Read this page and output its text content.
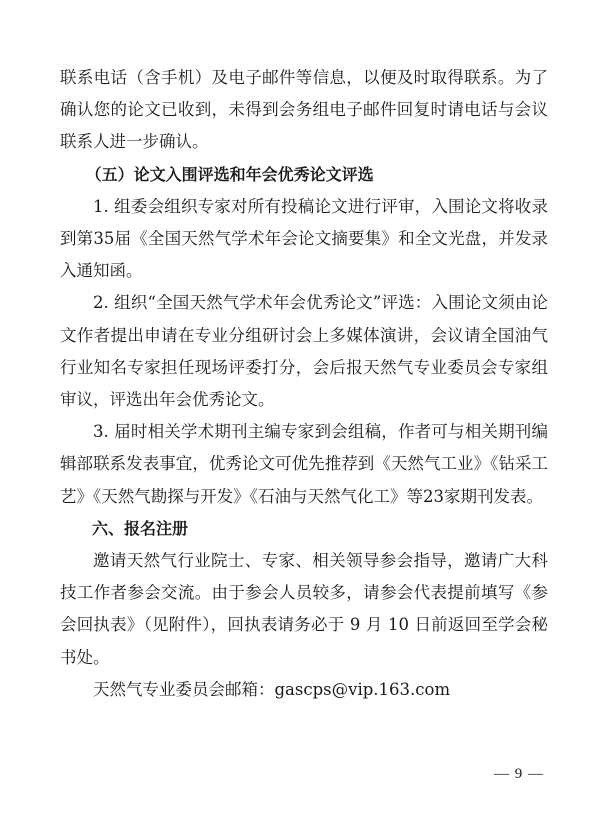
联系电话（含手机）及电子邮件等信息，以便及时取得联系。为了确认您的论文已收到，未得到会务组电子邮件回复时请电话与会议联系人进一步确认。

（五）论文入围评选和年会优秀论文评选

1. 组委会组织专家对所有投稿论文进行评审，入围论文将收录到第35届《全国天然气学术年会论文摘要集》和全文光盘，并发录入通知函。

2. 组织“全国天然气学术年会优秀论文”评选：入围论文须由论文作者提出申请在专业分组研讨会上多媒体演讲，会议请全国油气行业知名专家担任现场评委打分，会后报天然气专业委员会专家组审议，评选出年会优秀论文。

3. 届时相关学术期刊主编专家到会组稿，作者可与相关期刊编辑部联系发表事宜，优秀论文可优先推荐到《天然气工业》《钻采工艺》《天然气勘探与开发》《石油与天然气化工》等23家期刊发表。

六、报名注册

邀请天然气行业院士、专家、相关领导参会指导，邀请广大科技工作者参会交流。由于参会人员较多，请参会代表提前填写《参会回执表》（见附件），回执表请务必于 9 月 10 日前返回至学会秘书处。

天然气专业委员会邮箱：gascps@vip.163.com

— 9 —
